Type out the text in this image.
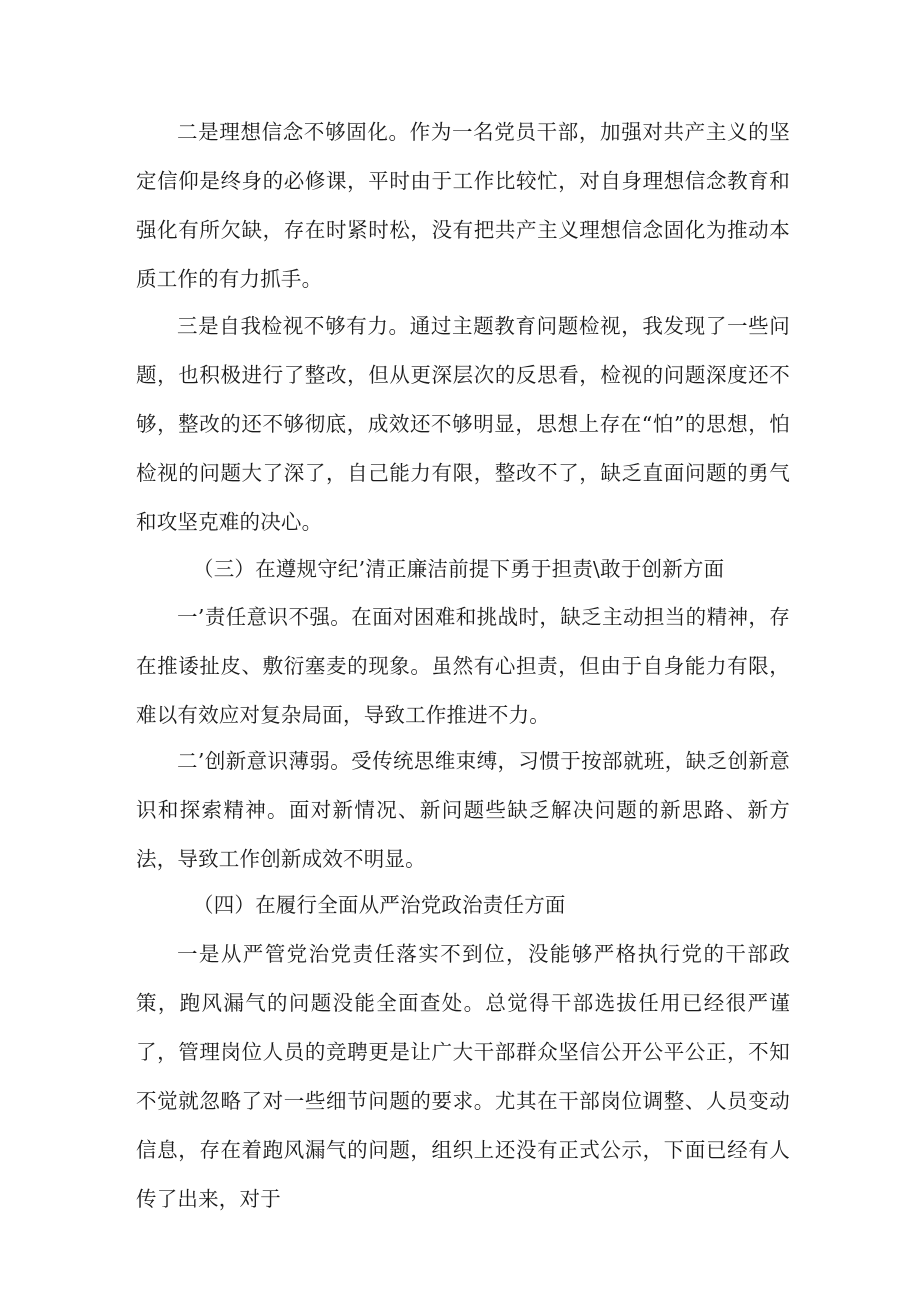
二是理想信念不够固化。作为一名党员干部，加强对共产主义的坚定信仰是终身的必修课，平时由于工作比较忙，对自身理想信念教育和强化有所欠缺，存在时紧时松，没有把共产主义理想信念固化为推动本质工作的有力抓手。

三是自我检视不够有力。通过主题教育问题检视，我发现了一些问题，也积极进行了整改，但从更深层次的反思看，检视的问题深度还不够，整改的还不够彻底，成效还不够明显，思想上存在“怕”的思想，怕检视的问题大了深了，自己能力有限，整改不了，缺乏直面问题的勇气和攻坚克难的决心。

（三）在遵规守纪’清正廉洁前提下勇于担责\敢于创新方面

一’责任意识不强。在面对困难和挑战时，缺乏主动担当的精神，存在推诿扯皮、敷衍塞麦的现象。虽然有心担责，但由于自身能力有限，难以有效应对复杂局面，导致工作推进不力。

二’创新意识薄弱。受传统思维束缚，习惯于按部就班，缺乏创新意识和探索精神。面对新情况、新问题些缺乏解决问题的新思路、新方法，导致工作创新成效不明显。

（四）在履行全面从严治党政治责任方面

一是从严管党治党责任落实不到位，没能够严格执行党的干部政策，跑风漏气的问题没能全面查处。总觉得干部选拔任用已经很严谨了，管理岗位人员的竞聘更是让广大干部群众坚信公开公平公正，不知不觉就忽略了对一些细节问题的要求。尤其在干部岗位调整、人员变动信息，存在着跑风漏气的问题，组织上还没有正式公示，下面已经有人传了出来，对于
